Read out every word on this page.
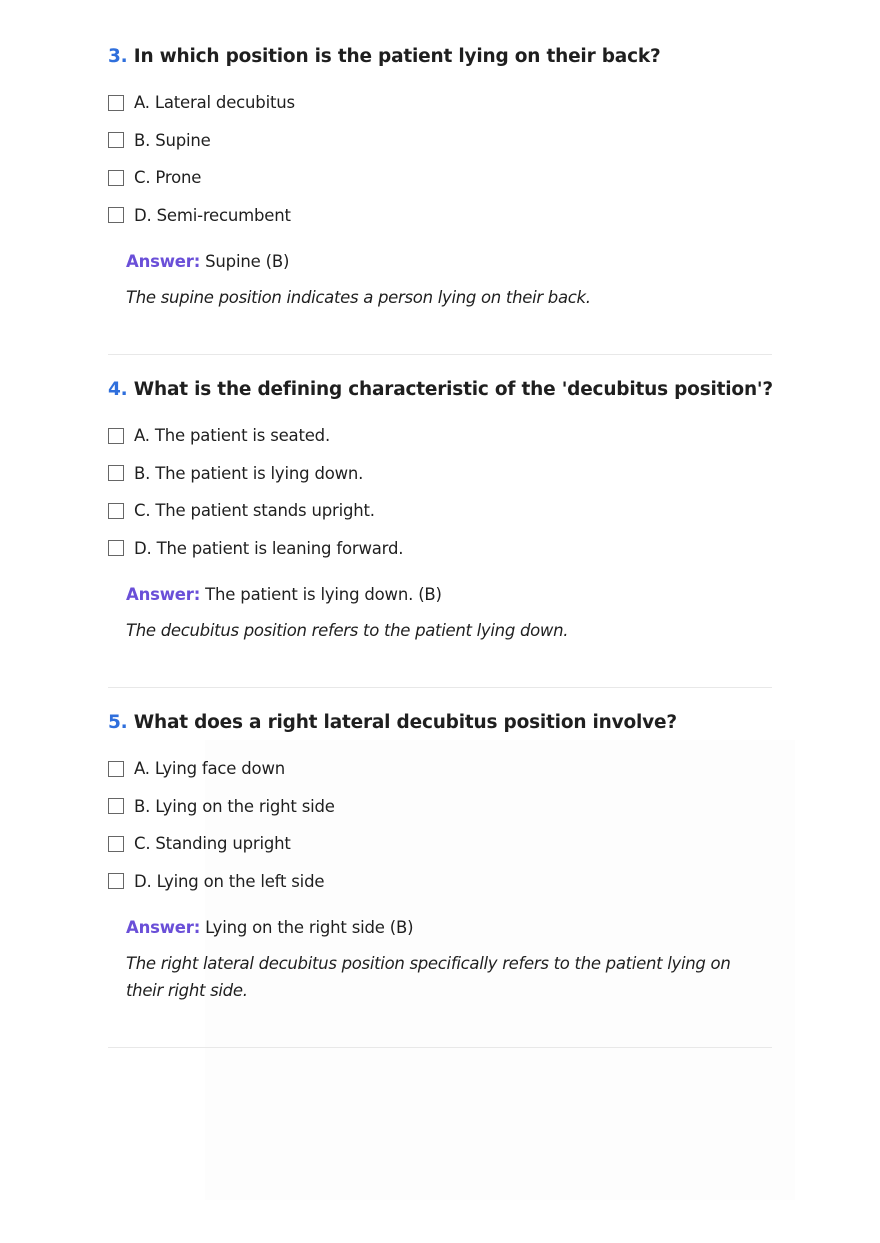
3. In which position is the patient lying on their back?
A. Lateral decubitus
B. Supine
C. Prone
D. Semi-recumbent
Answer: Supine (B)
The supine position indicates a person lying on their back.
4. What is the defining characteristic of the 'decubitus position'?
A. The patient is seated.
B. The patient is lying down.
C. The patient stands upright.
D. The patient is leaning forward.
Answer: The patient is lying down. (B)
The decubitus position refers to the patient lying down.
5. What does a right lateral decubitus position involve?
A. Lying face down
B. Lying on the right side
C. Standing upright
D. Lying on the left side
Answer: Lying on the right side (B)
The right lateral decubitus position specifically refers to the patient lying on their right side.
